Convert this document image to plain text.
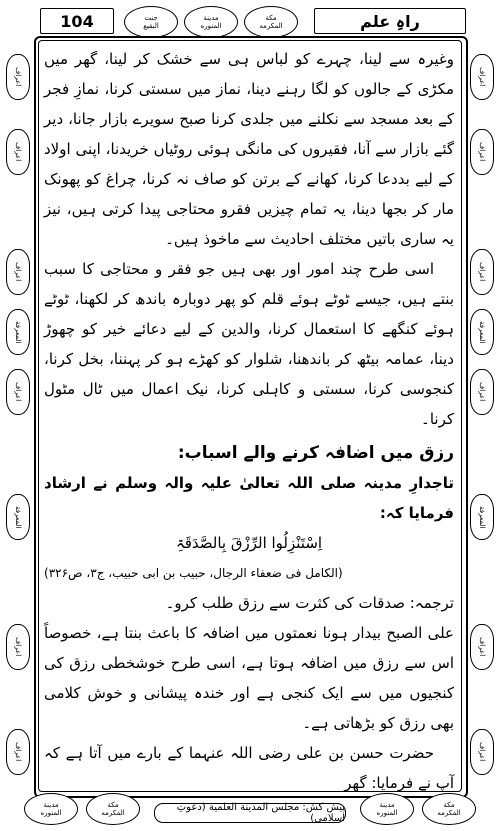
104	مكة
المكرمه
مدينة
المنوره
جنت
البقيع	راہِ علم
اعراف
اعراف
اعراف
المعرفة
اعراف
المعرفة
اعراف
اعراف
اعراف
اعراف
اعراف
المعرفة
اعراف
المعرفة
اعراف
اعراف

وغیرہ سے لینا، چہرے کو لباس ہی سے خشک کر لینا، گھر میں مکڑی کے جالوں کو لگا رہنے دینا، نماز میں سستی کرنا، نمازِ فجر کے بعد مسجد سے نکلنے میں جلدی کرنا صبح سویرے بازار جانا، دیر گئے بازار سے آنا، فقیروں کی مانگی ہوئی روٹیاں خریدنا، اپنی اولاد کے لیے بددعا کرنا، کھانے کے برتن کو صاف نہ کرنا، چراغ کو پھونک مار کر بجھا دینا، یہ تمام چیزیں فقرو محتاجی پیدا کرتی ہیں، نیز یہ ساری باتیں مختلف احادیث سے ماخوذ ہیں۔

اسی طرح چند امور اور بھی ہیں جو فقر و محتاجی کا سبب بنتے ہیں، جیسے ٹوٹے ہوئے قلم کو پھر دوبارہ باندھ کر لکھنا، ٹوٹے ہوئے کنگھے کا استعمال کرنا، والدین کے لیے دعائے خیر کو چھوڑ دینا، عمامہ بیٹھ کر باندھنا، شلوار کو کھڑے ہو کر پہننا، بخل کرنا، کنجوسی کرنا، سستی و کاہلی کرنا، نیک اعمال میں ٹال مٹول کرنا۔

رزق میں اضافہ کرنے والے اسباب:

تاجدارِ مدینہ صلی اللہ تعالیٰ علیہ والہ وسلم نے ارشاد فرمایا کہ:

اِسْتَنْزِلُوا الرِّزْقَ بِالصَّدَقَۃِ

(الکامل فی ضعفاء الرجال، حبیب بن ابی حبیب، ج۳، ص۳۲۶)

ترجمہ: صدقات کی کثرت سے رزق طلب کرو۔

علی الصبح بیدار ہونا نعمتوں میں اضافہ کا باعث بنتا ہے، خصوصاً اس سے رزق میں اضافہ ہوتا ہے، اسی طرح خوشخطی رزق کی کنجیوں میں سے ایک کنجی ہے اور خندہ پیشانی و خوش کلامی بھی رزق کو بڑھاتی ہے۔

حضرت حسن بن علی رضی اللہ عنہما کے بارے میں آتا ہے کہ آپ نے فرمایا: گھر

مدينة
المنوره
مكة
المكرمه	پیش کش: مجلس المدينة العلمية (دعوتِ اسلامی)
مدينة
المنوره
مكة
المكرمه
